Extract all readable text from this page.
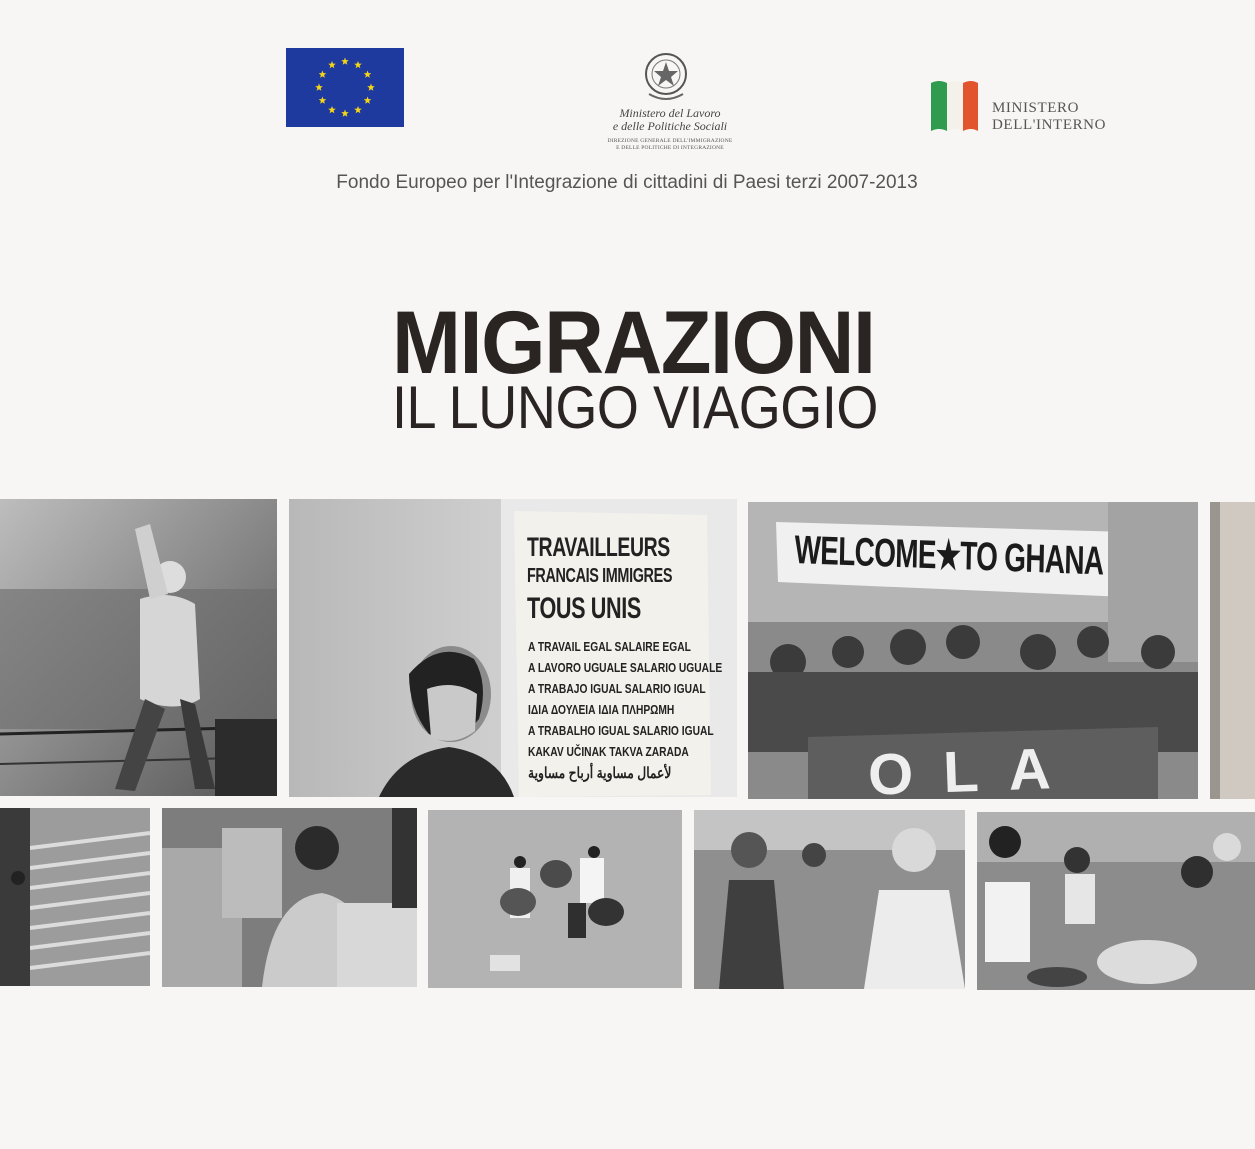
Ministero del Lavoro
e delle Politiche Sociali
DIREZIONE GENERALE DELL'IMMIGRAZIONE
E DELLE POLITICHE DI INTEGRAZIONE
MINISTERO
DELL'INTERNO
Fondo Europeo per l'Integrazione di cittadini di Paesi terzi 2007-2013
MIGRAZIONI
IL LUNGO VIAGGIO
TRAVAILLEURS
FRANCAIS IMMIGRES
TOUS UNIS
A TRAVAIL EGAL SALAIRE EGAL
A LAVORO UGUALE SALARIO UGUALE
A TRABAJO IGUAL SALARIO IGUAL
ΙΔΙΑ ΔΟΥΛΕΙΑ ΙΔΙΑ ΠΛΗΡΩΜΗ
A TRABALHO IGUAL SALARIO IGUAL
KAKAV UČINAK TAKVA ZARADA
لأعمال مساوية أرباح مساوية
WELCOME★TO GHANA
OLA
